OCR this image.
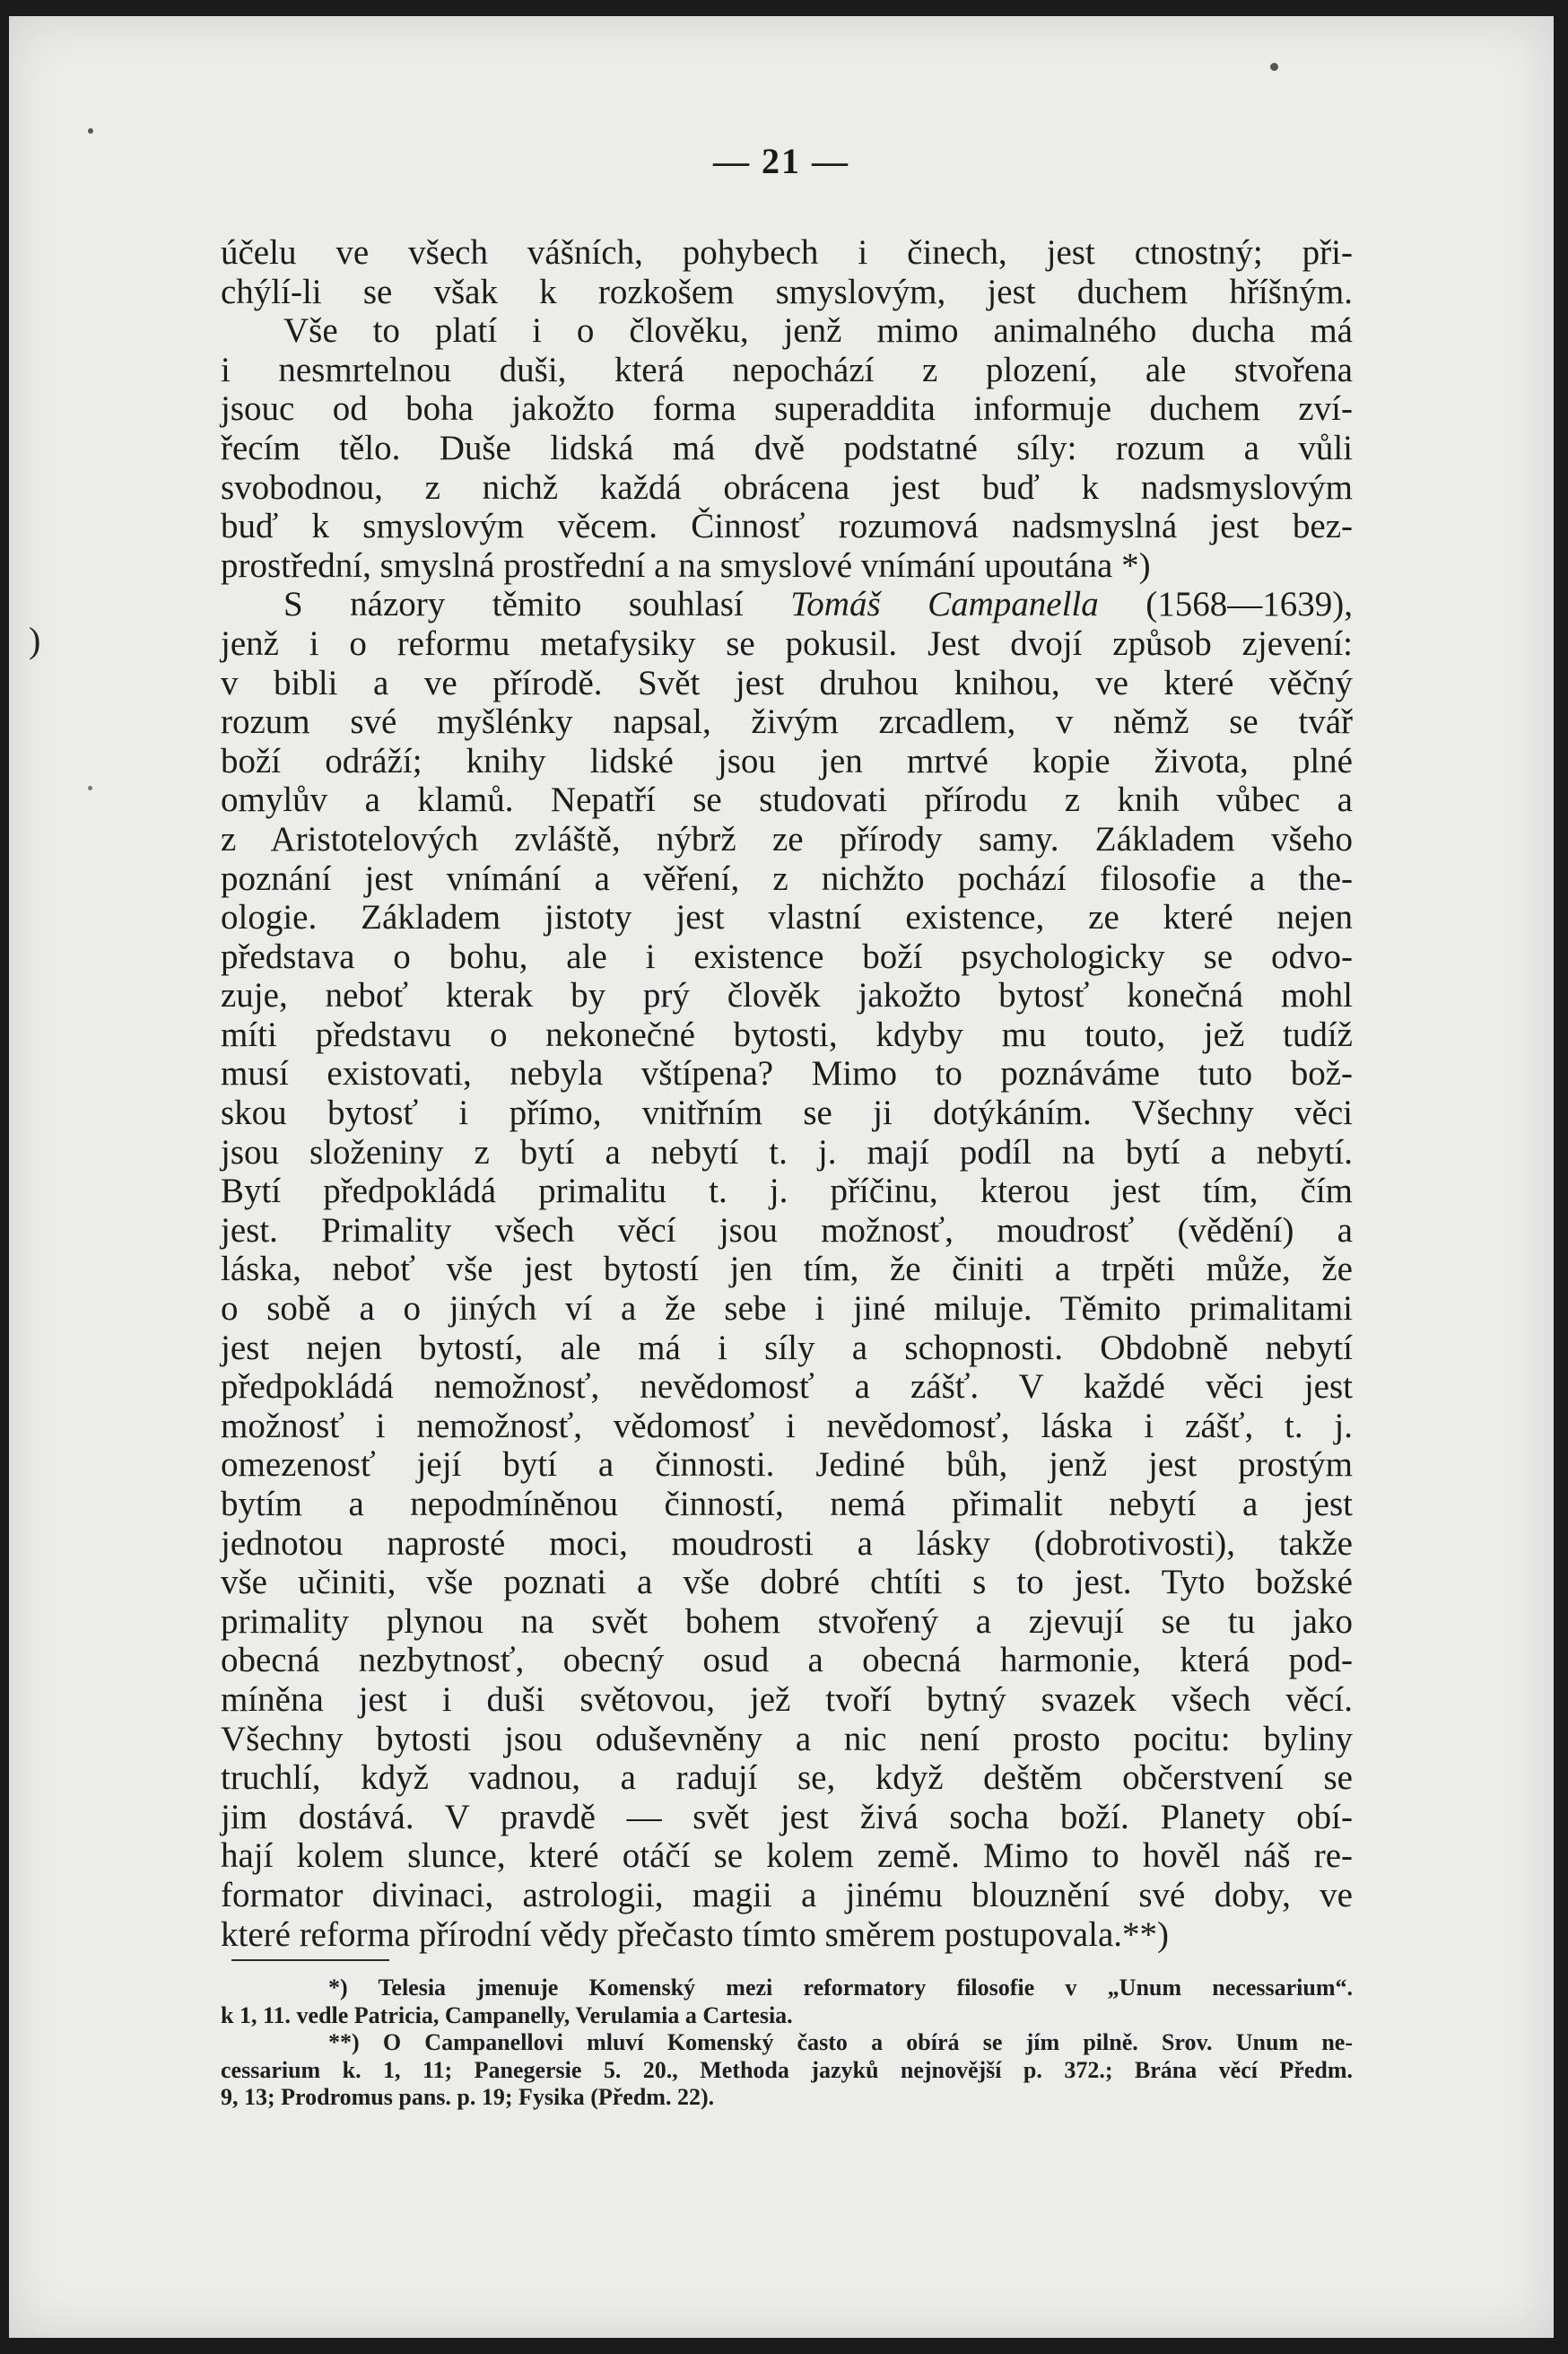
— 21 —
účelu ve všech vášních, pohybech i činech, jest ctnostný; při-
chýlí-li se však k rozkošem smyslovým, jest duchem hříšným.
Vše to platí i o člověku, jenž mimo animalného ducha má
i nesmrtelnou duši, která nepochází z plození, ale stvořena
jsouc od boha jakožto forma superaddita informuje duchem zví-
řecím tělo. Duše lidská má dvě podstatné síly: rozum a vůli
svobodnou, z nichž každá obrácena jest buď k nadsmyslovým
buď k smyslovým věcem. Činnosť rozumová nadsmyslná jest bez-
prostřední, smyslná prostřední a na smyslové vnímání upoutána *)
S názory těmito souhlasí Tomáš Campanella (1568—1639),
jenž i o reformu metafysiky se pokusil. Jest dvojí způsob zjevení:
v bibli a ve přírodě. Svět jest druhou knihou, ve které věčný
rozum své myšlénky napsal, živým zrcadlem, v němž se tvář
boží odráží; knihy lidské jsou jen mrtvé kopie života, plné
omylův a klamů. Nepatří se studovati přírodu z knih vůbec a
z Aristotelových zvláště, nýbrž ze přírody samy. Základem všeho
poznání jest vnímání a věření, z nichžto pochází filosofie a the-
ologie. Základem jistoty jest vlastní existence, ze které nejen
představa o bohu, ale i existence boží psychologicky se odvo-
zuje, neboť kterak by prý člověk jakožto bytosť konečná mohl
míti představu o nekonečné bytosti, kdyby mu touto, jež tudíž
musí existovati, nebyla vštípena? Mimo to poznáváme tuto bož-
skou bytosť i přímo, vnitřním se ji dotýkáním. Všechny věci
jsou složeniny z bytí a nebytí t. j. mají podíl na bytí a nebytí.
Bytí předpokládá primalitu t. j. příčinu, kterou jest tím, čím
jest. Primality všech věcí jsou možnosť, moudrosť (vědění) a
láska, neboť vše jest bytostí jen tím, že činiti a trpěti může, že
o sobě a o jiných ví a že sebe i jiné miluje. Těmito primalitami
jest nejen bytostí, ale má i síly a schopnosti. Obdobně nebytí
předpokládá nemožnosť, nevědomosť a zášť. V každé věci jest
možnosť i nemožnosť, vědomosť i nevědomosť, láska i zášť, t. j.
omezenosť její bytí a činnosti. Jediné bůh, jenž jest prostým
bytím a nepodmíněnou činností, nemá přimalit nebytí a jest
jednotou naprosté moci, moudrosti a lásky (dobrotivosti), takže
vše učiniti, vše poznati a vše dobré chtíti s to jest. Tyto božské
primality plynou na svět bohem stvořený a zjevují se tu jako
obecná nezbytnosť, obecný osud a obecná harmonie, která pod-
míněna jest i duši světovou, jež tvoří bytný svazek všech věcí.
Všechny bytosti jsou oduševněny a nic není prosto pocitu: byliny
truchlí, když vadnou, a radují se, když deštěm občerstvení se
jim dostává. V pravdě — svět jest živá socha boží. Planety obí-
hají kolem slunce, které otáčí se kolem země. Mimo to hověl náš re-
formator divinaci, astrologii, magii a jinému blouznění své doby, ve
které reforma přírodní vědy přečasto tímto směrem postupovala.**)
*) Telesia jmenuje Komenský mezi reformatory filosofie v „Unum necessarium“.
k 1, 11. vedle Patricia, Campanelly, Verulamia a Cartesia.
**) O Campanellovi mluví Komenský často a obírá se jím pilně. Srov. Unum ne-
cessarium k. 1, 11; Panegersie 5. 20., Methoda jazyků nejnovější p. 372.; Brána věcí Předm.
9, 13; Prodromus pans. p. 19; Fysika (Předm. 22).
)
